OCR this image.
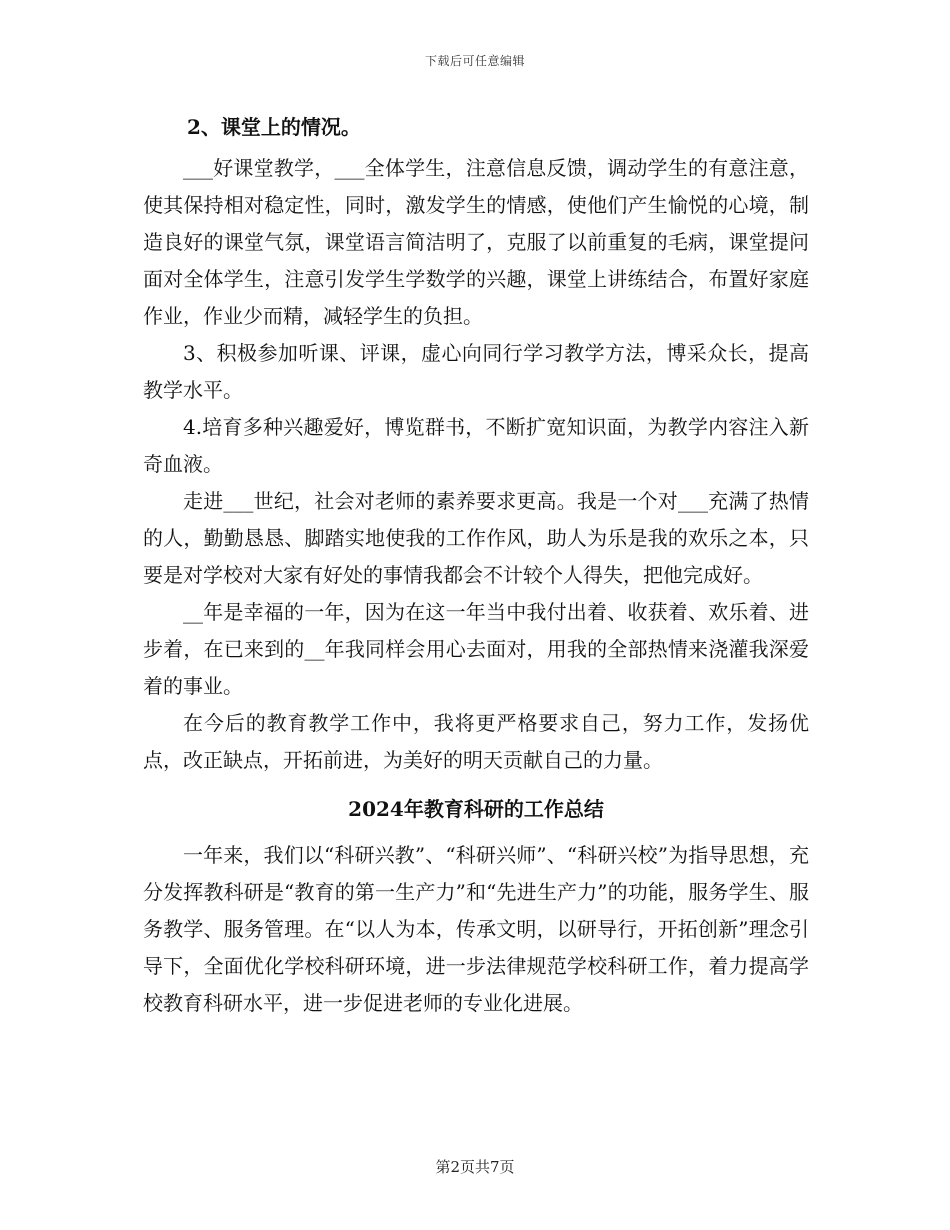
下载后可任意编辑
2、课堂上的情况。

___好课堂教学，___全体学生，注意信息反馈，调动学生的有意注意，使其保持相对稳定性，同时，激发学生的情感，使他们产生愉悦的心境，制造良好的课堂气氛，课堂语言简洁明了，克服了以前重复的毛病，课堂提问面对全体学生，注意引发学生学数学的兴趣，课堂上讲练结合，布置好家庭作业，作业少而精，减轻学生的负担。

3、积极参加听课、评课，虚心向同行学习教学方法，博采众长，提高教学水平。

4.培育多种兴趣爱好，博览群书，不断扩宽知识面，为教学内容注入新奇血液。

走进___世纪，社会对老师的素养要求更高。我是一个对___充满了热情的人，勤勤恳恳、脚踏实地使我的工作作风，助人为乐是我的欢乐之本，只要是对学校对大家有好处的事情我都会不计较个人得失，把他完成好。

__年是幸福的一年，因为在这一年当中我付出着、收获着、欢乐着、进步着，在已来到的__年我同样会用心去面对，用我的全部热情来浇灌我深爱着的事业。

在今后的教育教学工作中，我将更严格要求自己，努力工作，发扬优点，改正缺点，开拓前进，为美好的明天贡献自己的力量。

2024年教育科研的工作总结

一年来，我们以“科研兴教”、“科研兴师”、“科研兴校”为指导思想，充分发挥教科研是“教育的第一生产力”和“先进生产力”的功能，服务学生、服务教学、服务管理。在“以人为本，传承文明，以研导行，开拓创新”理念引导下，全面优化学校科研环境，进一步法律规范学校科研工作，着力提高学校教育科研水平，进一步促进老师的专业化进展。

第2页共7页
